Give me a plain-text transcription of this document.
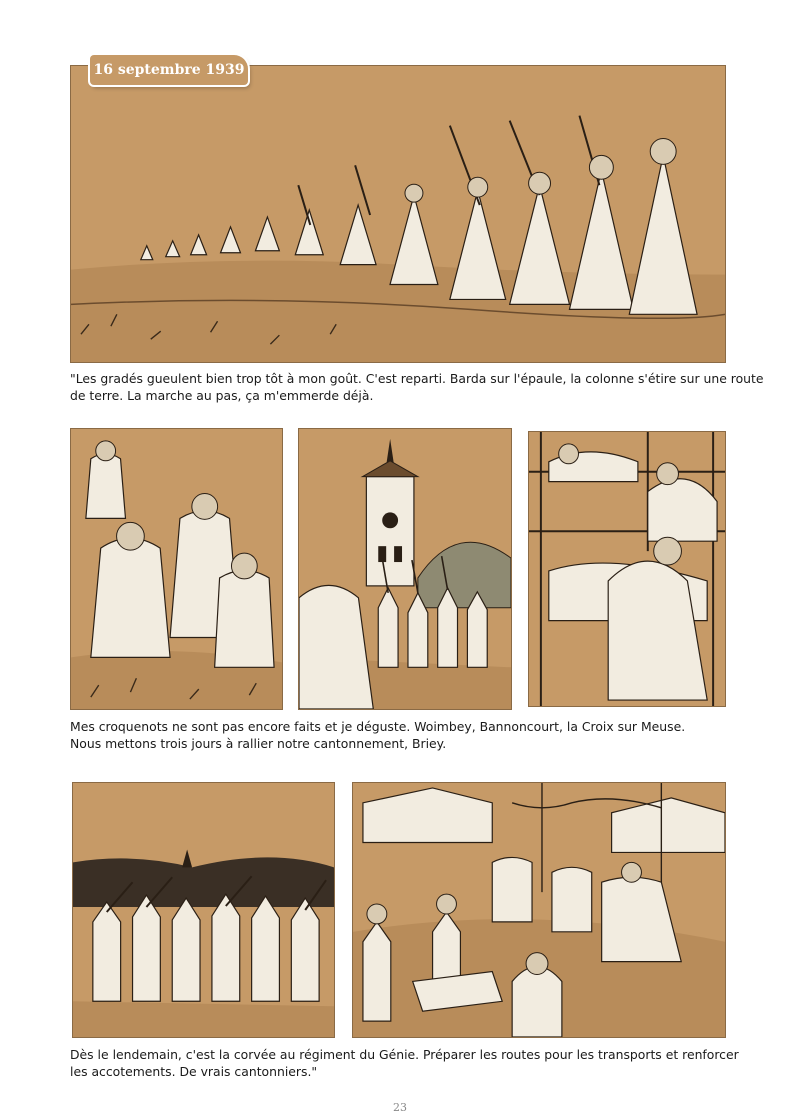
16 septembre 1939

"Les gradés gueulent bien trop tôt à mon goût. C'est reparti. Barda sur l'épaule, la colonne s'étire sur une route
de terre. La marche au pas, ça m'emmerde déjà.

Mes croquenots ne sont pas encore faits et je déguste. Woimbey, Bannoncourt, la Croix sur Meuse.
Nous mettons trois jours à rallier notre cantonnement, Briey.

Dès le lendemain, c'est la corvée au régiment du Génie. Préparer les routes pour les transports et renforcer
les accotements. De vrais cantonniers."

23
